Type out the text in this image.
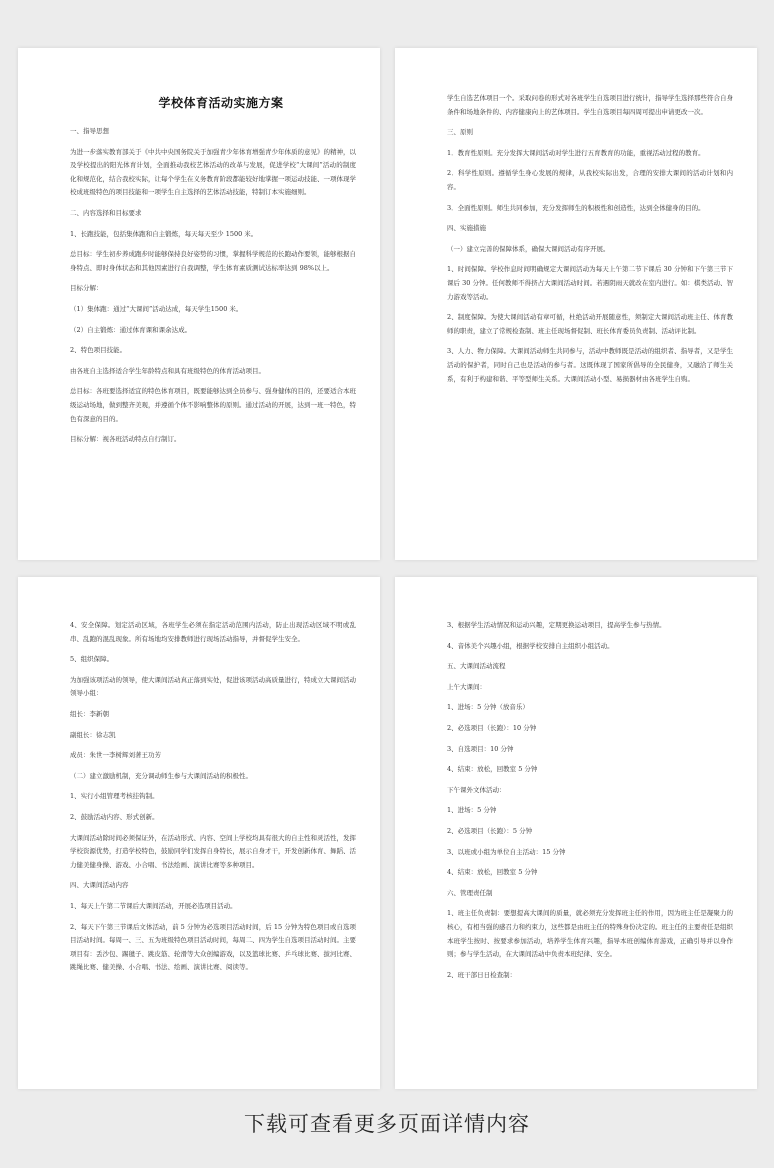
学校体育活动实施方案
一、指导思想
为进一步落实教育部关于《中共中央国务院关于加强青少年体育增强青少年体质的意见》的精神，以及学校提出的阳光体育计划，全面推动我校艺体活动的改革与发展，促进学校“大课间”活动的制度化和规范化，结合我校实际，让每个学生在义务教育阶段都能较好地掌握一项运动技能、一项体现学校成班级特色的项目技能和一项学生自主选择的艺体活动技能，特制订本实施细则。
二、内容选择和目标要求
1、长跑技能，包括集体跑和自主锻炼，每天每天至少 1500 米。
总目标：学生初步养成跑步时能够保持良好姿势的习惯，掌握科学规范的长跑动作要领，能够根据自身特点、即时身体状态和其他因素进行自我调整，学生体育素质测试达标率达到 98%以上。
目标分解：
（1）集体跑：通过“大课间”活动达成，每天学生1500 米。
（2）自主锻炼：通过体育课和课余达成。
2、特色项目技能。
由各班自主选择适合学生年龄特点和具有班级特色的体育活动项目。
总目标：各班要选择适宜的特色体育项目，既要能够达到全员参与、强身健体的目的，还要适合本班级运动场地，做到整齐美观，并遵循个体不影响整体的原则。通过活动的开展，达到一班一特色，特色有深意的目的。
目标分解：视各班活动特点自行制订。
学生自选艺体项目一个。采取问卷的形式对各班学生自选项目进行统计，指导学生选择那些符合自身条件和场地条件的、内容健康向上的艺体项目。学生自选项目每四周可提出申请更改一次。
三、原则
1．教育性原则。充分发挥大课间活动对学生进行五育教育的功能，重视活动过程的教育。
2．科学性原则。遵循学生身心发展的规律，从我校实际出发，合理的安排大课间的活动计划和内容。
3．全面性原则。师生共同参加，充分发挥师生的积极性和创造性，达到全体健身的目的。
四、实施措施
（一）建立完善的保障体系，确保大课间活动有序开展。
1、时间保障。学校作息时间明确规定大课间活动为每天上午第二节下课后 30 分钟和下午第三节下课后 30 分钟。任何教师不得挤占大课间活动时间。若遇阴雨天就改在室内进行。如：棋类活动、智力游戏等活动。
2、制度保障。为使大课间活动有章可循，杜绝活动开展随意性，须制定大课间活动班主任、体育教师的职责，建立了常规检查制、班主任现场督促制、班长体育委员负责制、活动评比制。
3、人力、物力保障。大课间活动师生共同参与，活动中教师既是活动的组织者、指导者，又是学生活动的保护者，同时自己也是活动的参与者。这既体现了国家所倡导的全民健身，又融洽了师生关系，有利于构建和谐、平等型师生关系。大课间活动小型、易损器材由各班学生自购。
4、安全保障。划定活动区域，各班学生必须在指定活动范围内活动，防止出现活动区域不明或乱串、乱跑的混乱现象。所有场地均安排教师进行现场活动指导，并督促学生安全。
5、组织保障。
为加强该项活动的领导，使大课间活动真正落到实处，促进该项活动高质量进行，特成立大课间活动领导小组：
组长：李新朝
副组长：徐志凯
成员：朱世一李树辉刘著王功芳
（二）建立激励机制，充分调动师生参与大课间活动的积极性。
1、实行小组管理考核挂钩制。
2、鼓励活动内容、形式创新。
大课间活动除时间必须保证外，在活动形式、内容、空间上学校均具有很大的自主性和灵活性，发挥学校资源优势，打造学校特色，鼓励同学们发挥自身特长，展示自身才干，开发创新体育、舞蹈、活力健美健身操、游戏、小合唱、书法绘画、演讲比赛等多种项目。
四、大课间活动内容
1、每天上午第二节课后大课间活动，开展必选项目活动。
2、每天下午第三节课后文体活动，前 5 分钟为必选项目活动时间，后 15 分钟为特色项目或自选项目活动时间。每周一、三、五为班级特色项目活动时间，每周二、四为学生自选项目活动时间。主要项目有：丢沙包、踢毽子、跳皮筋、轮滑等大众创编游戏，以及篮球比赛、乒乓球比赛、拔河比赛、跳绳比赛、健美操、小合唱、书法、绘画、演讲比赛、阅读等。
3、根据学生活动情况和运动兴趣，定期更换运动项目，提高学生参与热情。
4、音体美个兴趣小组，根据学校安排自主组织小组活动。
五、大课间活动流程
上午大课间：
1、进场：5 分钟（放音乐）
2、必选项目（长跑）：10 分钟
3、自选项目：10 分钟
4、结束：放松，回教室 5 分钟
下午课外文体活动：
1、进场：5 分钟
2、必选项目（长跑）：5 分钟
3、以班或小组为单位自主活动：15 分钟
4、结束：放松，回教室 5 分钟
六、管理责任制
1、班主任负责制：要想提高大课间的质量，就必须充分发挥班主任的作用，因为班主任是凝聚力的核心，有相当强的感召力和约束力，这些都是由班主任的特殊身份决定的。班主任的主要责任是组织本班学生按时、按要求参加活动，培养学生体育兴趣，指导本班创编体育游戏，正确引导并以身作则；参与学生活动，在大课间活动中负责本班纪律、安全。
2、班干部日日检查制：
下载可查看更多页面详情内容
